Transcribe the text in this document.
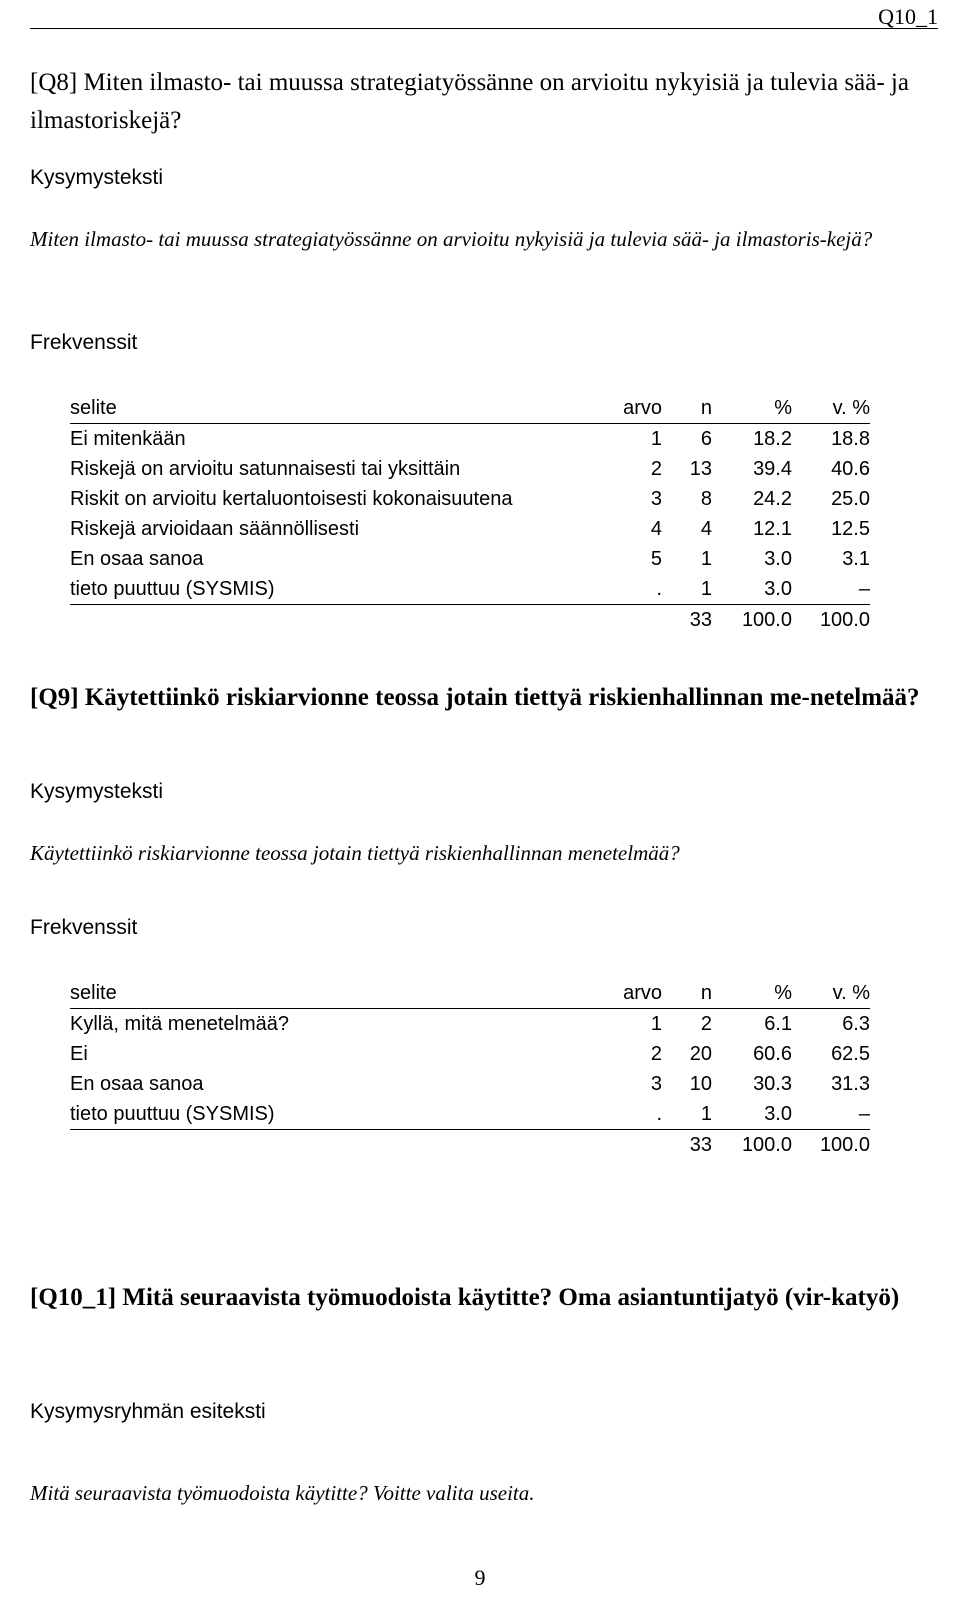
Q10_1
[Q8] Miten ilmasto- tai muussa strategiatyössänne on arvioitu nykyisiä ja tulevia sää- ja ilmastoriskejä?
Kysymysteksti
Miten ilmasto- tai muussa strategiatyössänne on arvioitu nykyisiä ja tulevia sää- ja ilmastoris-kejä?
Frekvenssit
selite	arvo	n	%	v. %
Ei mitenkään	1	6	18.2	18.8
Riskejä on arvioitu satunnaisesti tai yksittäin	2	13	39.4	40.6
Riskit on arvioitu kertaluontoisesti kokonaisuutena	3	8	24.2	25.0
Riskejä arvioidaan säännöllisesti	4	4	12.1	12.5
En osaa sanoa	5	1	3.0	3.1
tieto puuttuu (SYSMIS)	.	1	3.0	–
		33	100.0	100.0
[Q9] Käytettiinkö riskiarvionne teossa jotain tiettyä riskienhallinnan me-netelmää?
Kysymysteksti
Käytettiinkö riskiarvionne teossa jotain tiettyä riskienhallinnan menetelmää?
Frekvenssit
selite	arvo	n	%	v. %
Kyllä, mitä menetelmää?	1	2	6.1	6.3
Ei	2	20	60.6	62.5
En osaa sanoa	3	10	30.3	31.3
tieto puuttuu (SYSMIS)	.	1	3.0	–
		33	100.0	100.0
[Q10_1] Mitä seuraavista työmuodoista käytitte? Oma asiantuntijatyö (vir-katyö)
Kysymysryhmän esiteksti
Mitä seuraavista työmuodoista käytitte? Voitte valita useita.
9
